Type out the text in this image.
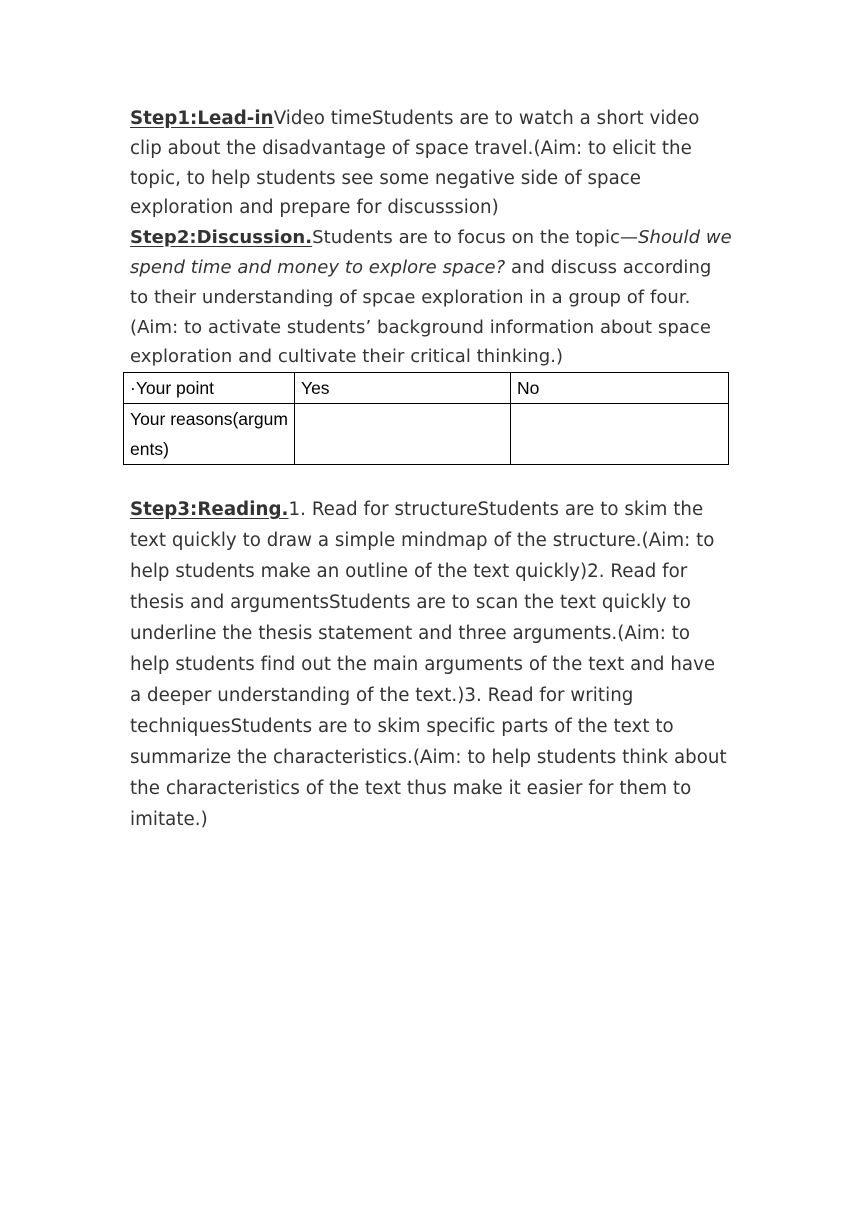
Step1:Lead-inVideo timeStudents are to watch a short video clip about the disadvantage of space travel.(Aim: to elicit the topic, to help students see some negative side of space exploration and prepare for discusssion)

Step2:Discussion.Students are to focus on the topic—Should we spend time and money to explore space? and discuss according to their understanding of spcae exploration in a group of four.(Aim: to activate students’ background information about space exploration and cultivate their critical thinking.)

·Your point	Yes	No
Your reasons(arguments)		

Step3:Reading.1. Read for structureStudents are to skim the text quickly to draw a simple mindmap of the structure.(Aim: to help students make an outline of the text quickly)2. Read for thesis and argumentsStudents are to scan the text quickly to underline the thesis statement and three arguments.(Aim: to help students find out the main arguments of the text and have a deeper understanding of the text.)3. Read for writing techniquesStudents are to skim specific parts of the text to summarize the characteristics.(Aim: to help students think about the characteristics of the text thus make it easier for them to imitate.)
